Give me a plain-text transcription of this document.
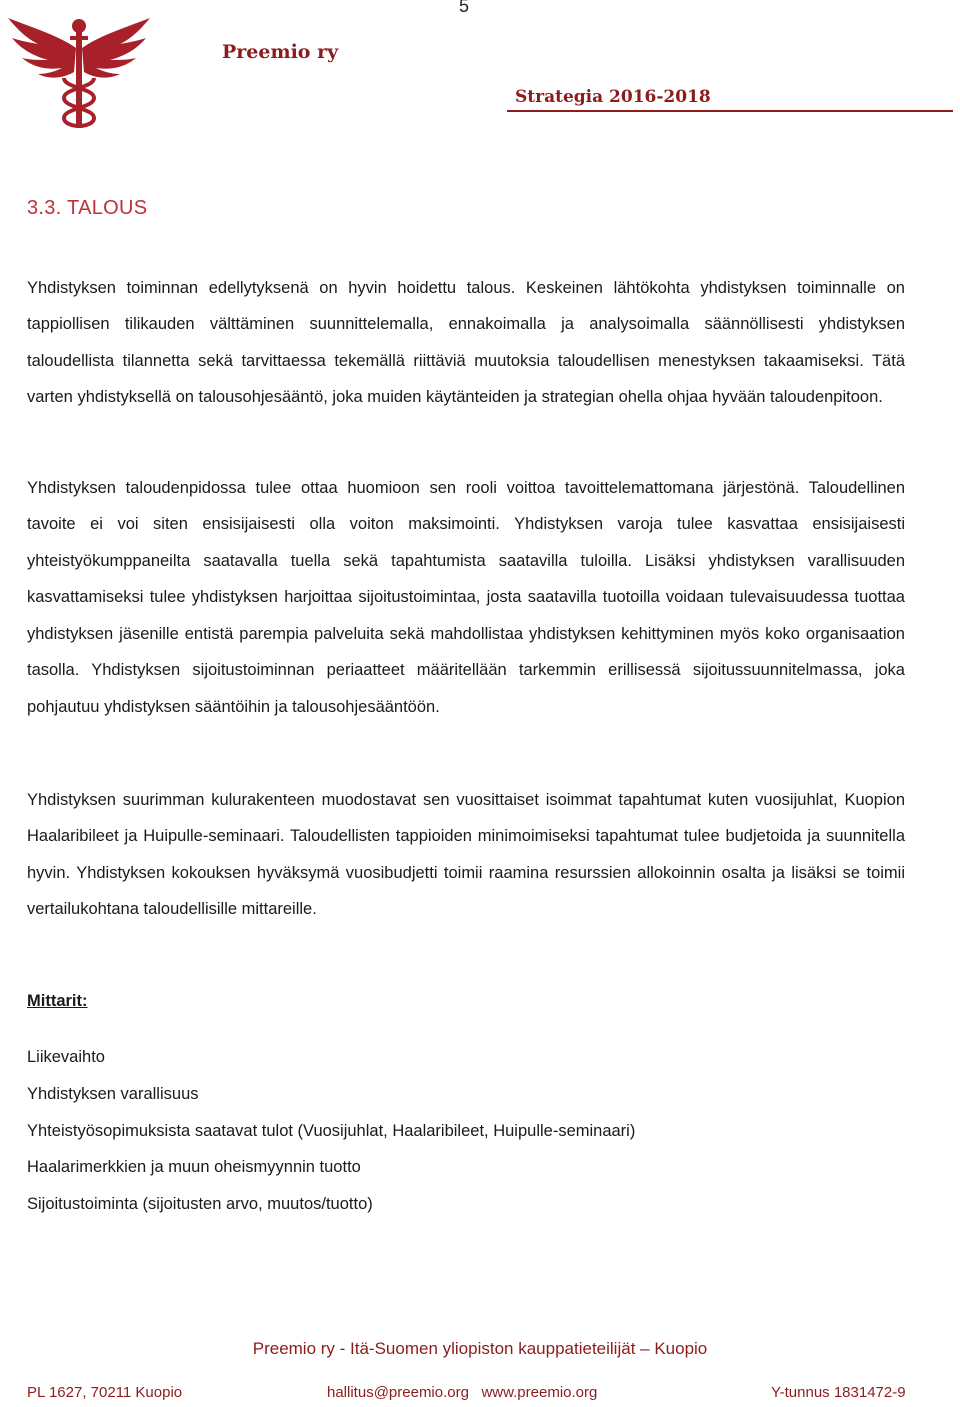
5
Preemio ry
Strategia 2016-2018
3.3. TALOUS

Yhdistyksen toiminnan edellytyksenä on hyvin hoidettu talous. Keskeinen lähtökohta yhdistyksen toiminnalle on tappiollisen tilikauden välttäminen suunnittelemalla, ennakoimalla ja analysoimalla säännöllisesti yhdistyksen taloudellista tilannetta sekä tarvittaessa tekemällä riittäviä muutoksia taloudellisen menestyksen takaamiseksi. Tätä varten yhdistyksellä on talousohjesääntö, joka muiden käytänteiden ja strategian ohella ohjaa hyvään taloudenpitoon.

Yhdistyksen taloudenpidossa tulee ottaa huomioon sen rooli voittoa tavoittelemattomana järjestönä. Taloudellinen tavoite ei voi siten ensisijaisesti olla voiton maksimointi. Yhdistyksen varoja tulee kasvattaa ensisijaisesti yhteistyökumppaneilta saatavalla tuella sekä tapahtumista saatavilla tuloilla. Lisäksi yhdistyksen varallisuuden kasvattamiseksi tulee yhdistyksen harjoittaa sijoitustoimintaa, josta saatavilla tuotoilla voidaan tulevaisuudessa tuottaa yhdistyksen jäsenille entistä parempia palveluita sekä mahdollistaa yhdistyksen kehittyminen myös koko organisaation tasolla. Yhdistyksen sijoitustoiminnan periaatteet määritellään tarkemmin erillisessä sijoitussuunnitelmassa, joka pohjautuu yhdistyksen sääntöihin ja talousohjesääntöön.

Yhdistyksen suurimman kulurakenteen muodostavat sen vuosittaiset isoimmat tapahtumat kuten vuosijuhlat, Kuopion Haalaribileet ja Huipulle-seminaari. Taloudellisten tappioiden minimoimiseksi tapahtumat tulee budjetoida ja suunnitella hyvin. Yhdistyksen kokouksen hyväksymä vuosibudjetti toimii raamina resurssien allokoinnin osalta ja lisäksi se toimii vertailukohtana taloudellisille mittareille.

Mittarit:
Liikevaihto
Yhdistyksen varallisuus
Yhteistyösopimuksista saatavat tulot (Vuosijuhlat, Haalaribileet, Huipulle-seminaari)
Haalarimerkkien ja muun oheismyynnin tuotto
Sijoitustoiminta (sijoitusten arvo, muutos/tuotto)
Preemio ry - Itä-Suomen yliopiston kauppatieteilijät – Kuopio
PL 1627, 70211 Kuopio	hallitus@preemio.org   www.preemio.org	Y-tunnus 1831472-9
